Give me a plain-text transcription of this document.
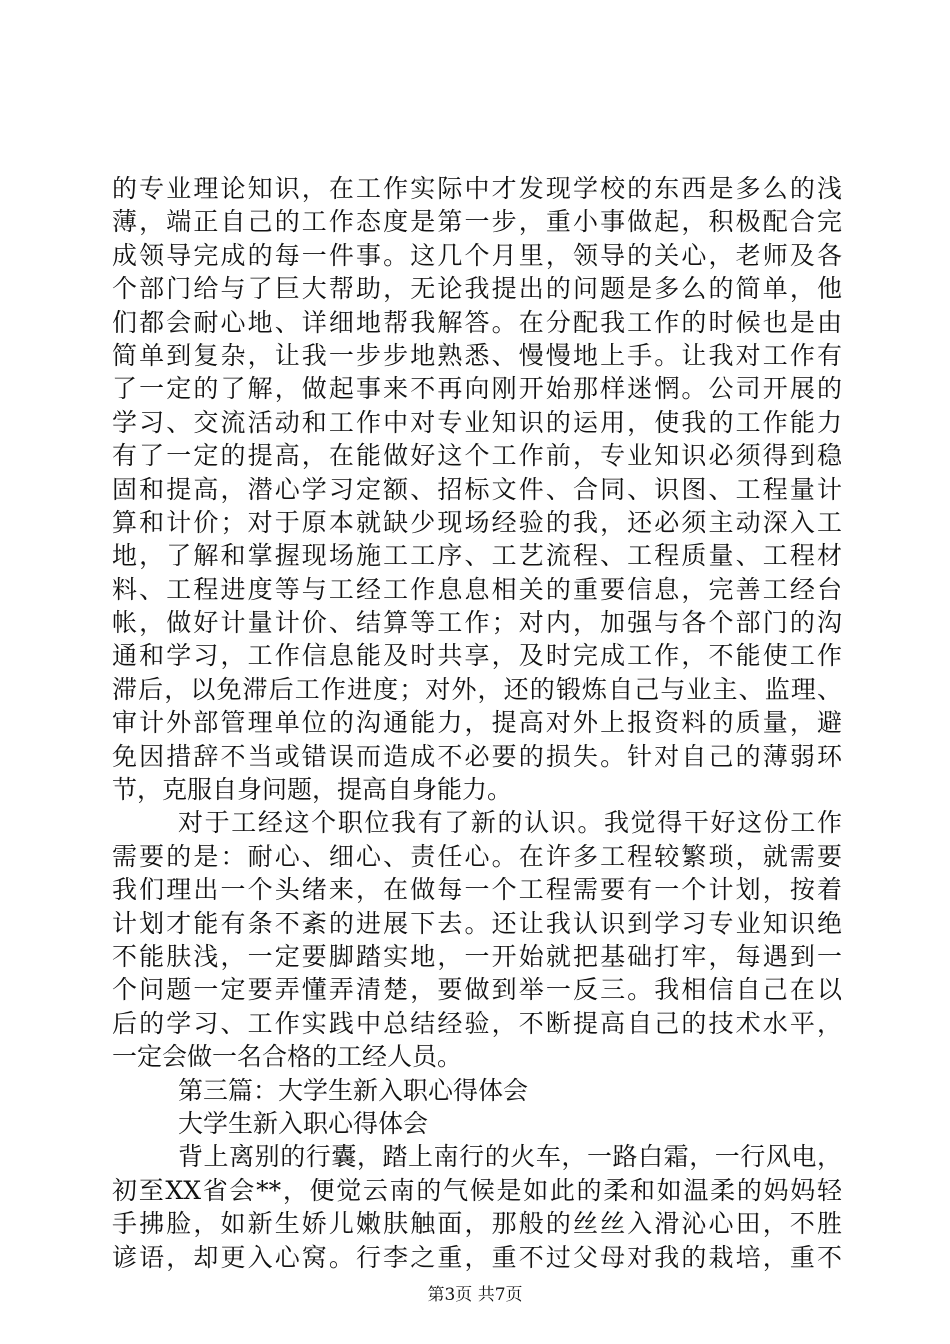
的专业理论知识，在工作实际中才发现学校的东西是多么的浅
薄，端正自己的工作态度是第一步，重小事做起，积极配合完
成领导完成的每一件事。这几个月里，领导的关心，老师及各
个部门给与了巨大帮助，无论我提出的问题是多么的简单，他
们都会耐心地、详细地帮我解答。在分配我工作的时候也是由
简单到复杂，让我一步步地熟悉、慢慢地上手。让我对工作有
了一定的了解，做起事来不再向刚开始那样迷惘。公司开展的
学习、交流活动和工作中对专业知识的运用，使我的工作能力
有了一定的提高，在能做好这个工作前，专业知识必须得到稳
固和提高，潜心学习定额、招标文件、合同、识图、工程量计
算和计价；对于原本就缺少现场经验的我，还必须主动深入工
地，了解和掌握现场施工工序、工艺流程、工程质量、工程材
料、工程进度等与工经工作息息相关的重要信息，完善工经台
帐，做好计量计价、结算等工作；对内，加强与各个部门的沟
通和学习，工作信息能及时共享，及时完成工作，不能使工作
滞后，以免滞后工作进度；对外，还的锻炼自己与业主、监理、
审计外部管理单位的沟通能力，提高对外上报资料的质量，避
免因措辞不当或错误而造成不必要的损失。针对自己的薄弱环
节，克服自身问题，提高自身能力。
对于工经这个职位我有了新的认识。我觉得干好这份工作
需要的是：耐心、细心、责任心。在许多工程较繁琐，就需要
我们理出一个头绪来，在做每一个工程需要有一个计划，按着
计划才能有条不紊的进展下去。还让我认识到学习专业知识绝
不能肤浅，一定要脚踏实地，一开始就把基础打牢，每遇到一
个问题一定要弄懂弄清楚，要做到举一反三。我相信自己在以
后的学习、工作实践中总结经验，不断提高自己的技术水平，
一定会做一名合格的工经人员。
第三篇：大学生新入职心得体会
大学生新入职心得体会
背上离别的行囊，踏上南行的火车，一路白霜，一行风电，
初至XX省会**，便觉云南的气候是如此的柔和如温柔的妈妈轻
手拂脸，如新生娇儿嫩肤触面，那般的丝丝入滑沁心田，不胜
谚语，却更入心窝。行李之重，重不过父母对我的栽培，重不
第3页 共7页
